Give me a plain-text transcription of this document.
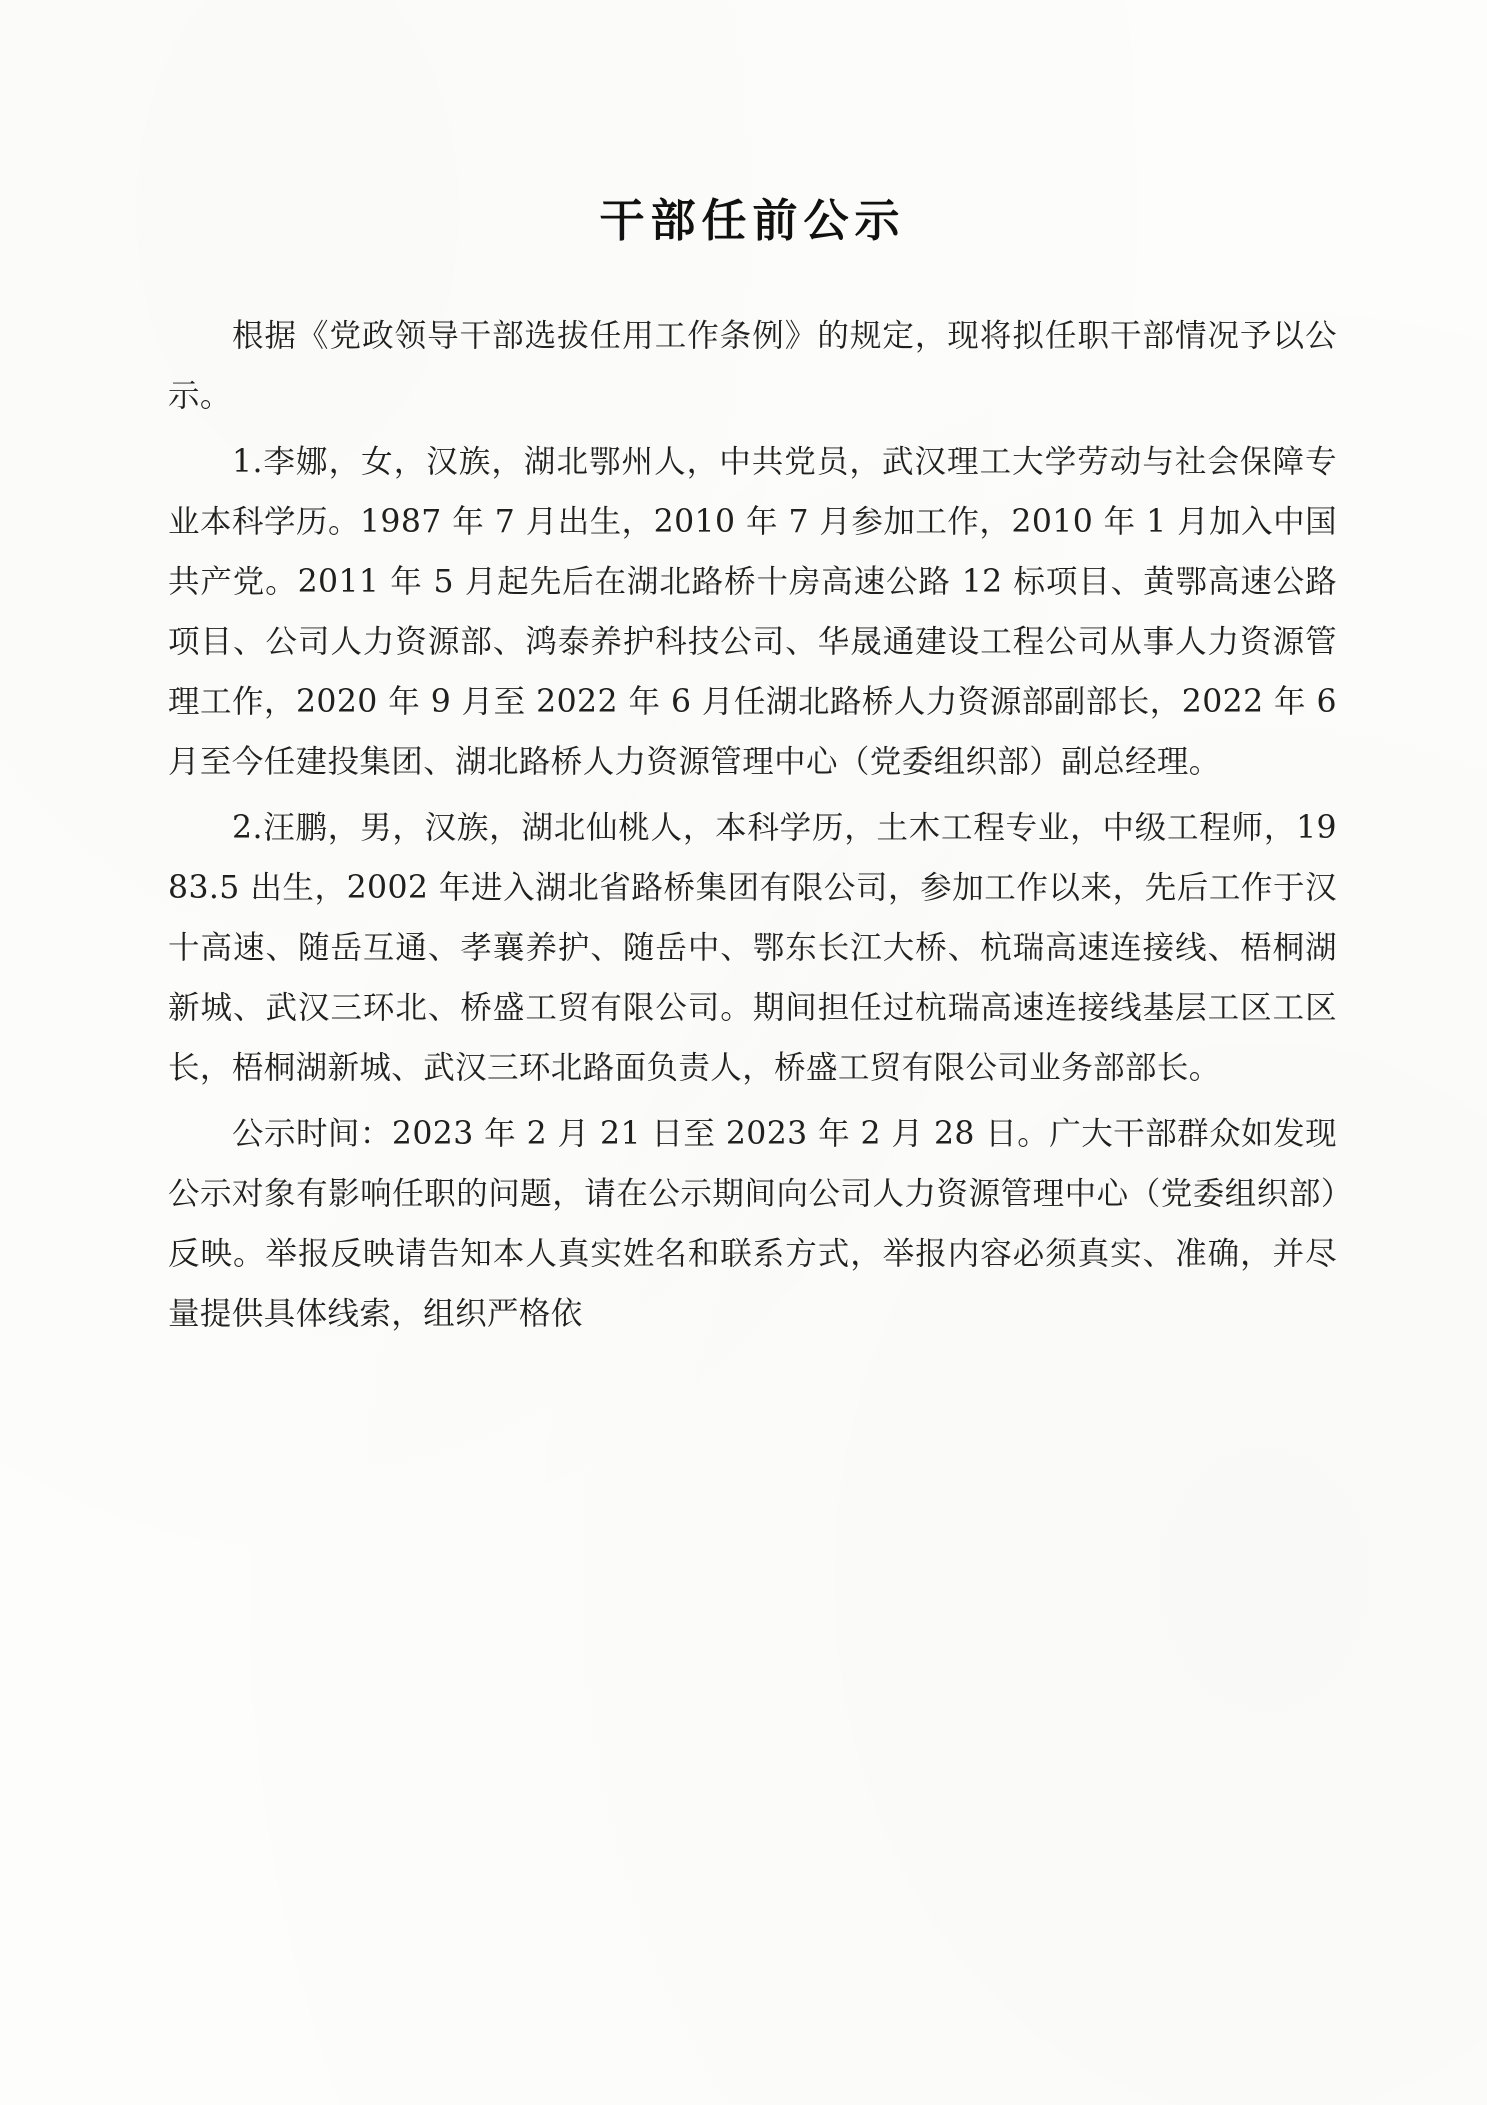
干部任前公示

根据《党政领导干部选拔任用工作条例》的规定，现将拟任职干部情况予以公示。

1.李娜，女，汉族，湖北鄂州人，中共党员，武汉理工大学劳动与社会保障专业本科学历。1987 年 7 月出生，2010 年 7 月参加工作，2010 年 1 月加入中国共产党。2011 年 5 月起先后在湖北路桥十房高速公路 12 标项目、黄鄂高速公路项目、公司人力资源部、鸿泰养护科技公司、华晟通建设工程公司从事人力资源管理工作，2020 年 9 月至 2022 年 6 月任湖北路桥人力资源部副部长，2022 年 6 月至今任建投集团、湖北路桥人力资源管理中心（党委组织部）副总经理。

2.汪鹏，男，汉族，湖北仙桃人，本科学历，土木工程专业，中级工程师，1983.5 出生，2002 年进入湖北省路桥集团有限公司，参加工作以来，先后工作于汉十高速、随岳互通、孝襄养护、随岳中、鄂东长江大桥、杭瑞高速连接线、梧桐湖新城、武汉三环北、桥盛工贸有限公司。期间担任过杭瑞高速连接线基层工区工区长，梧桐湖新城、武汉三环北路面负责人，桥盛工贸有限公司业务部部长。

公示时间：2023 年 2 月 21 日至 2023 年 2 月 28 日。广大干部群众如发现公示对象有影响任职的问题，请在公示期间向公司人力资源管理中心（党委组织部）反映。举报反映请告知本人真实姓名和联系方式，举报内容必须真实、准确，并尽量提供具体线索，组织严格依
